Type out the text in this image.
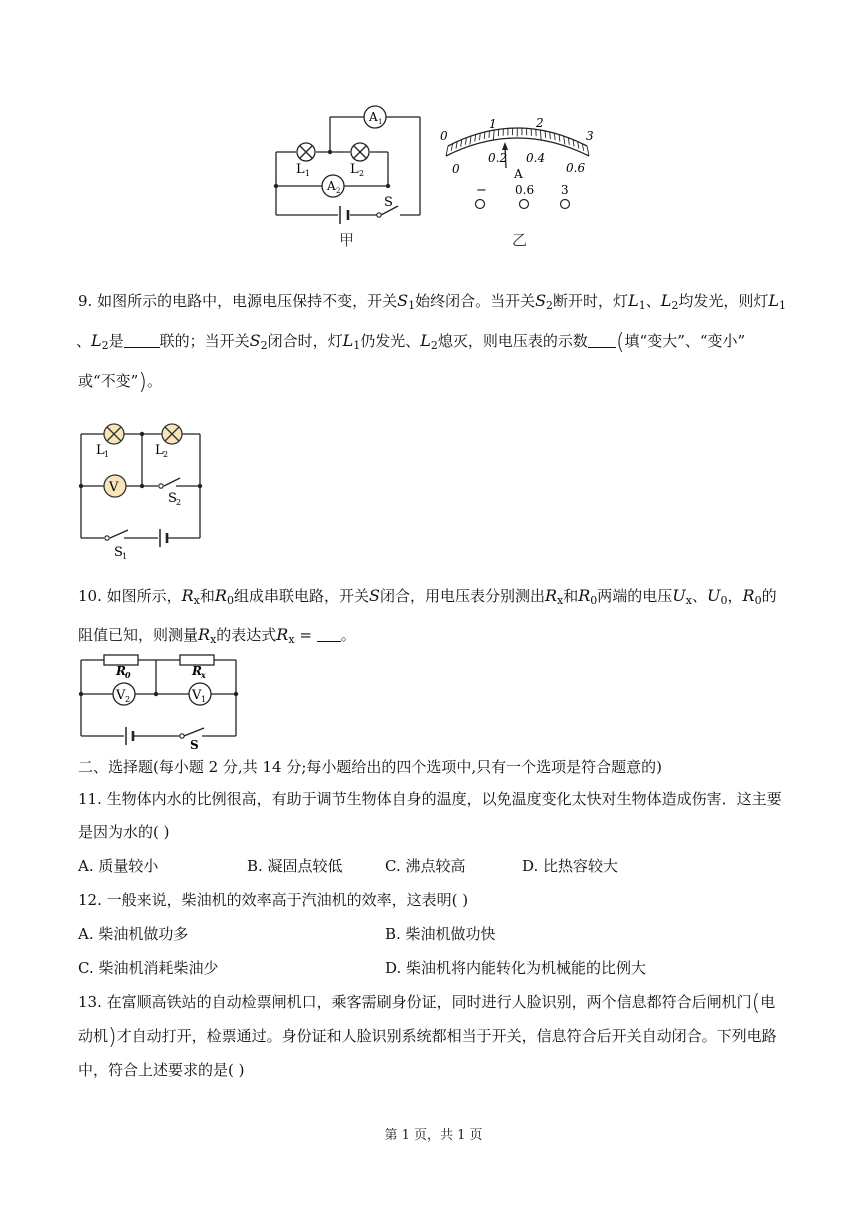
A 1
A 2
L 1	L 2
S
甲
0
1	2
3
0
0.2 0.4
0.6
A
− 0.6 3
乙
9. 如图所示的电路中，电源电压保持不变，开关$S_1$始终闭合。当开关$S_2$断开时，灯$L_1$、$L_2$均发光，则灯$L_1$
、$L_2$是 联的；当开关$S_2$闭合时，灯$L_1$仍发光、$L_2$熄灭，则电压表的示数 (填“变大”、“变小”
或“不变”)。
V
L 1	L 2
S 2
S 1
10. 如图所示，$R_x$和$R_0$组成串联电路，开关S闭合，用电压表分别测出$R_x$和$R_0$两端的电压$U_x$、$U_0$，$R_0$的
阻值已知，则测量$R_x$的表达式$R_x$ = 。
R 0	R x
V 2	V 1
S
二、选择题(每小题 2 分,共 14 分;每小题给出的四个选项中,只有一个选项是符合题意的)
11. 生物体内水的比例很高，有助于调节生物体自身的温度，以免温度变化太快对生物体造成伤害．这主要
是因为水的( )
A. 质量较小	B. 凝固点较低	C. 沸点较高	D. 比热容较大
12. 一般来说，柴油机的效率高于汽油机的效率，这表明( )
A. 柴油机做功多	B. 柴油机做功快
C. 柴油机消耗柴油少	D. 柴油机将内能转化为机械能的比例大
13. 在富顺高铁站的自动检票闸机口，乘客需刷身份证，同时进行人脸识别，两个信息都符合后闸机门(电
动机)才自动打开，检票通过。身份证和人脸识别系统都相当于开关，信息符合后开关自动闭合。下列电路
中，符合上述要求的是( )
第 1 页，共 1 页
